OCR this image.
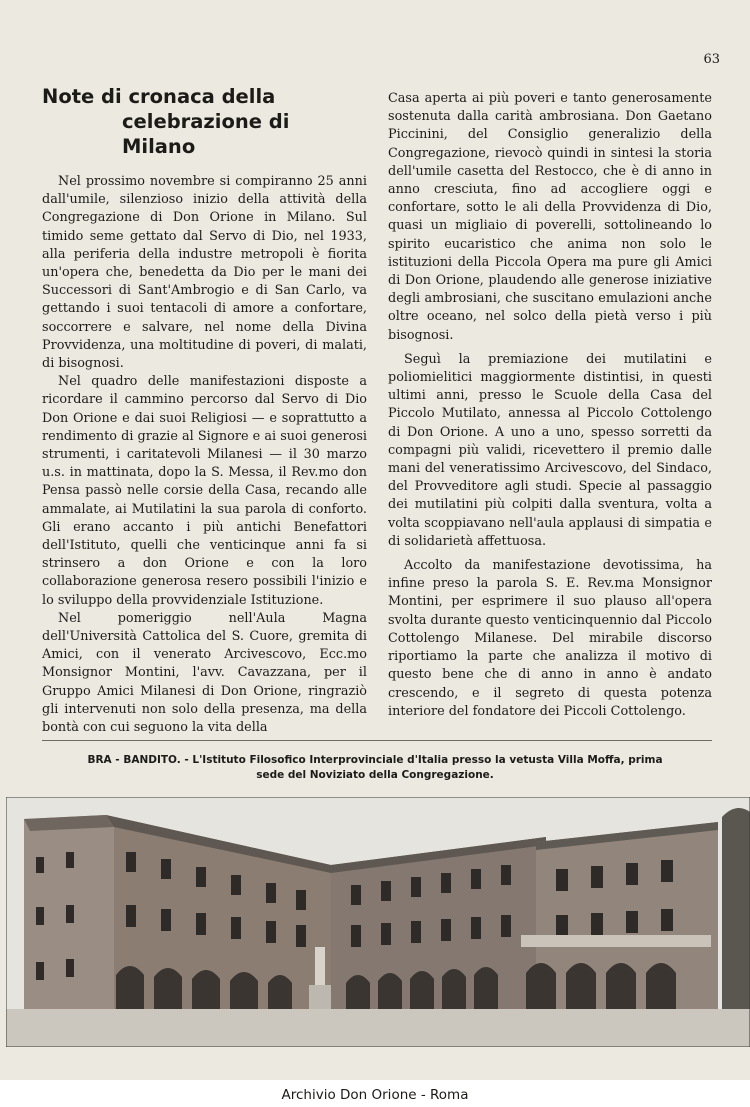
63
Note di cronaca della
celebrazione di Milano

Nel prossimo novembre si compiranno 25 anni dall'umile, silenzioso inizio della attività della Congregazione di Don Orione in Milano. Sul timido seme gettato dal Servo di Dio, nel 1933, alla periferia della industre metropoli è fiorita un'opera che, benedetta da Dio per le mani dei Successori di Sant'Ambrogio e di San Carlo, va gettando i suoi tentacoli di amore a confortare, soccorrere e salvare, nel nome della Divina Provvidenza, una moltitudine di poveri, di malati, di bisognosi.

Nel quadro delle manifestazioni disposte a ricordare il cammino percorso dal Servo di Dio Don Orione e dai suoi Religiosi — e soprattutto a rendimento di grazie al Signore e ai suoi generosi strumenti, i caritatevoli Milanesi — il 30 marzo u.s. in mattinata, dopo la S. Messa, il Rev.mo don Pensa passò nelle corsie della Casa, recando alle ammalate, ai Mutilatini la sua parola di conforto. Gli erano accanto i più antichi Benefattori dell'Istituto, quelli che venticinque anni fa si strinsero a don Orione e con la loro collaborazione generosa resero possibili l'inizio e lo sviluppo della provvidenziale Istituzione.

Nel pomeriggio nell'Aula Magna dell'Università Cattolica del S. Cuore, gremita di Amici, con il venerato Arcivescovo, Ecc.mo Monsignor Montini, l'avv. Cavazzana, per il Gruppo Amici Milanesi di Don Orione, ringraziò gli intervenuti non solo della presenza, ma della bontà con cui seguono la vita della

Casa aperta ai più poveri e tanto generosamente sostenuta dalla carità ambrosiana. Don Gaetano Piccinini, del Consiglio generalizio della Congregazione, rievocò quindi in sintesi la storia dell'umile casetta del Restocco, che è di anno in anno cresciuta, fino ad accogliere oggi e confortare, sotto le ali della Provvidenza di Dio, quasi un migliaio di poverelli, sottolineando lo spirito eucaristico che anima non solo le istituzioni della Piccola Opera ma pure gli Amici di Don Orione, plaudendo alle generose iniziative degli ambrosiani, che suscitano emulazioni anche oltre oceano, nel solco della pietà verso i più bisognosi.

Seguì la premiazione dei mutilatini e poliomielitici maggiormente distintisi, in questi ultimi anni, presso le Scuole della Casa del Piccolo Mutilato, annessa al Piccolo Cottolengo di Don Orione. A uno a uno, spesso sorretti da compagni più validi, ricevettero il premio dalle mani del veneratissimo Arcivescovo, del Sindaco, del Provveditore agli studi. Specie al passaggio dei mutilatini più colpiti dalla sventura, volta a volta scoppiavano nell'aula applausi di simpatia e di solidarietà affettuosa.

Accolto da manifestazione devotissima, ha infine preso la parola S. E. Rev.ma Monsignor Montini, per esprimere il suo plauso all'opera svolta durante questo venticinquennio dal Piccolo Cottolengo Milanese. Del mirabile discorso riportiamo la parte che analizza il motivo di questo bene che di anno in anno è andato crescendo, e il segreto di questa potenza interiore del fondatore dei Piccoli Cottolengo.

BRA - BANDITO. - L'Istituto Filosofico Interprovinciale d'Italia presso la vetusta Villa Moffa, prima
sede del Noviziato della Congregazione.
Archivio Don Orione - Roma
